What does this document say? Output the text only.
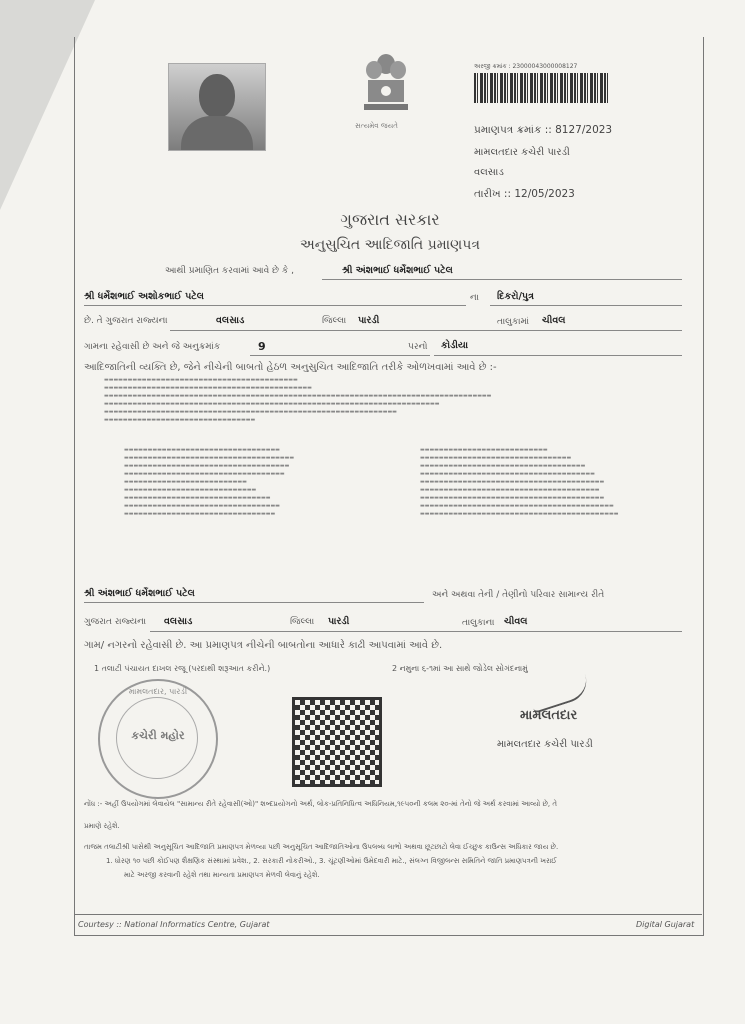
સત્યમેવ જયતે
અરજી ક્રમાંક : 23000043000008127
પ્રમાણપત્ર ક્રમાંક :: 8127/2023
મામલતદાર કચેરી પારડી
વલસાડ
તારીખ :: 12/05/2023
ગુજરાત સરકાર
અનુસુચિત આદિજાતિ પ્રમાણપત્ર
આથી પ્રમાણિત કરવામાં આવે છે કે ,	શ્રી અંશભાઈ ધર્મેશભાઈ પટેલ
શ્રી ધર્મેશભાઈ અશોકભાઈ પટેલ	ના દિકરો/પુત્ર
છે. તે ગુજરાત રાજ્યના	વલસાડ	જિલ્લા પારડી	તાલુકામાં ચીવલ
ગામના રહેવાસી છે અને જે અનુક્રમાંક	9	પરનો કોડીયા
આદિજાતિની વ્યક્તિ છે, જેને નીચેની બાબતો હેઠળ અનુસુચિત આદિજાતિ તરીકે ઓળખવામાં આવે છે :-
▬▬▬▬▬▬▬▬▬▬▬▬▬▬▬▬▬▬▬▬▬▬▬▬▬▬▬▬▬▬▬▬▬▬▬▬▬▬▬▬▬
▬▬▬▬▬▬▬▬▬▬▬▬▬▬▬▬▬▬▬▬▬▬▬▬▬▬▬▬▬▬▬▬▬▬▬▬▬▬▬▬▬▬▬▬
▬▬▬▬▬▬▬▬▬▬▬▬▬▬▬▬▬▬▬▬▬▬▬▬▬▬▬▬▬▬▬▬▬▬▬▬▬▬▬▬▬▬▬▬▬▬▬▬▬▬▬▬▬▬▬▬▬▬▬▬▬▬▬▬▬▬▬▬▬▬▬▬▬▬▬▬▬▬▬▬▬▬
▬▬▬▬▬▬▬▬▬▬▬▬▬▬▬▬▬▬▬▬▬▬▬▬▬▬▬▬▬▬▬▬▬▬▬▬▬▬▬▬▬▬▬▬▬▬▬▬▬▬▬▬▬▬▬▬▬▬▬▬▬▬▬▬▬▬▬▬▬▬▬
▬▬▬▬▬▬▬▬▬▬▬▬▬▬▬▬▬▬▬▬▬▬▬▬▬▬▬▬▬▬▬▬▬▬▬▬▬▬▬▬▬▬▬▬▬▬▬▬▬▬▬▬▬▬▬▬▬▬▬▬▬▬
▬▬▬▬▬▬▬▬▬▬▬▬▬▬▬▬▬▬▬▬▬▬▬▬▬▬▬▬▬▬▬▬
▬▬▬▬▬▬▬▬▬▬▬▬▬▬▬▬▬▬▬▬▬▬▬▬▬▬▬▬▬▬▬▬▬
▬▬▬▬▬▬▬▬▬▬▬▬▬▬▬▬▬▬▬▬▬▬▬▬▬▬▬▬▬▬▬▬▬▬▬▬
▬▬▬▬▬▬▬▬▬▬▬▬▬▬▬▬▬▬▬▬▬▬▬▬▬▬▬▬▬▬▬▬▬▬▬
▬▬▬▬▬▬▬▬▬▬▬▬▬▬▬▬▬▬▬▬▬▬▬▬▬▬▬▬▬▬▬▬▬▬
▬▬▬▬▬▬▬▬▬▬▬▬▬▬▬▬▬▬▬▬▬▬▬▬▬▬
▬▬▬▬▬▬▬▬▬▬▬▬▬▬▬▬▬▬▬▬▬▬▬▬▬▬▬▬
▬▬▬▬▬▬▬▬▬▬▬▬▬▬▬▬▬▬▬▬▬▬▬▬▬▬▬▬▬▬▬
▬▬▬▬▬▬▬▬▬▬▬▬▬▬▬▬▬▬▬▬▬▬▬▬▬▬▬▬▬▬▬▬▬
▬▬▬▬▬▬▬▬▬▬▬▬▬▬▬▬▬▬▬▬▬▬▬▬▬▬▬▬▬▬▬▬
▬▬▬▬▬▬▬▬▬▬▬▬▬▬▬▬▬▬▬▬▬▬▬▬▬▬▬
▬▬▬▬▬▬▬▬▬▬▬▬▬▬▬▬▬▬▬▬▬▬▬▬▬▬▬▬▬▬▬▬
▬▬▬▬▬▬▬▬▬▬▬▬▬▬▬▬▬▬▬▬▬▬▬▬▬▬▬▬▬▬▬▬▬▬▬
▬▬▬▬▬▬▬▬▬▬▬▬▬▬▬▬▬▬▬▬▬▬▬▬▬▬▬▬▬▬▬▬▬▬▬▬▬
▬▬▬▬▬▬▬▬▬▬▬▬▬▬▬▬▬▬▬▬▬▬▬▬▬▬▬▬▬▬▬▬▬▬▬▬▬▬▬
▬▬▬▬▬▬▬▬▬▬▬▬▬▬▬▬▬▬▬▬▬▬▬▬▬▬▬▬▬▬▬▬▬▬▬▬▬▬
▬▬▬▬▬▬▬▬▬▬▬▬▬▬▬▬▬▬▬▬▬▬▬▬▬▬▬▬▬▬▬▬▬▬▬▬▬▬▬
▬▬▬▬▬▬▬▬▬▬▬▬▬▬▬▬▬▬▬▬▬▬▬▬▬▬▬▬▬▬▬▬▬▬▬▬▬▬▬▬▬
▬▬▬▬▬▬▬▬▬▬▬▬▬▬▬▬▬▬▬▬▬▬▬▬▬▬▬▬▬▬▬▬▬▬▬▬▬▬▬▬▬▬
શ્રી અંશભાઈ ધર્મેશભાઈ પટેલ	અને અથવા તેની / તેણીનો પરિવાર સામાન્ય રીતે
ગુજરાત રાજ્યના વલસાડ	જિલ્લા પારડી	તાલુકાના ચીવલ
ગામ/ નગરનો રહેવાસી છે. આ પ્રમાણપત્ર નીચેની બાબતોના આધારે કાઢી આપવામાં આવે છે.
1 તલાટી પંચાયત દાખલ રજૂ (પરદાથી શરૂઆત કરીને.)	2 નમુના ૬-૧માં આ સાથે જોડેલ સોગંદનામું
મામલતદાર, પારડી
કચેરી મહોર
મામલતદાર
મામલતદાર કચેરી પારડી
નોંધ :- અહીં ઉપયોગમાં લેવાયેલ "સામાન્ય રીતે રહેવાસી(ઓ)" શબ્દપ્રયોગનો અર્થ, લોક-પ્રતિનિધિત્વ અધિનિયમ,૧૯૫૦ની કલમ ૨૦-માં તેનો જે અર્થ કરવામાં આવ્યો છે, તે
પ્રમાણે રહેશે.
તાજમ તલાટીશ્રી પાસેથી અનુસૂચિત આદિજાતિ પ્રમાણપત્ર મેળવ્યા પછી અનુસૂચિત આદિજાતિઓના ઉપલબ્ધ લાભો અથવા છૂટછાટો લેવા ઈચ્છુક કાઉન્સ અધિકાર જાય છે.
1. ધોરણ ૧૦ પછી કોઈપણ શૈક્ષણિક સંસ્થામાં પ્રવેશ., 2. સરકારી નોકરીઓ., 3. ચૂંટણીઓમાં ઉમેદવારી માટે., સંલગ્ન વિજીલન્સ સમિતિને જાતિ પ્રમાણપત્રની ખરાઈ
માટે અરજી કરવાની રહેશે તથા માન્યતા પ્રમાણપત્ર મેળવી લેવાનું રહેશે.
Courtesy :: National Informatics Centre, Gujarat	Digital Gujarat
